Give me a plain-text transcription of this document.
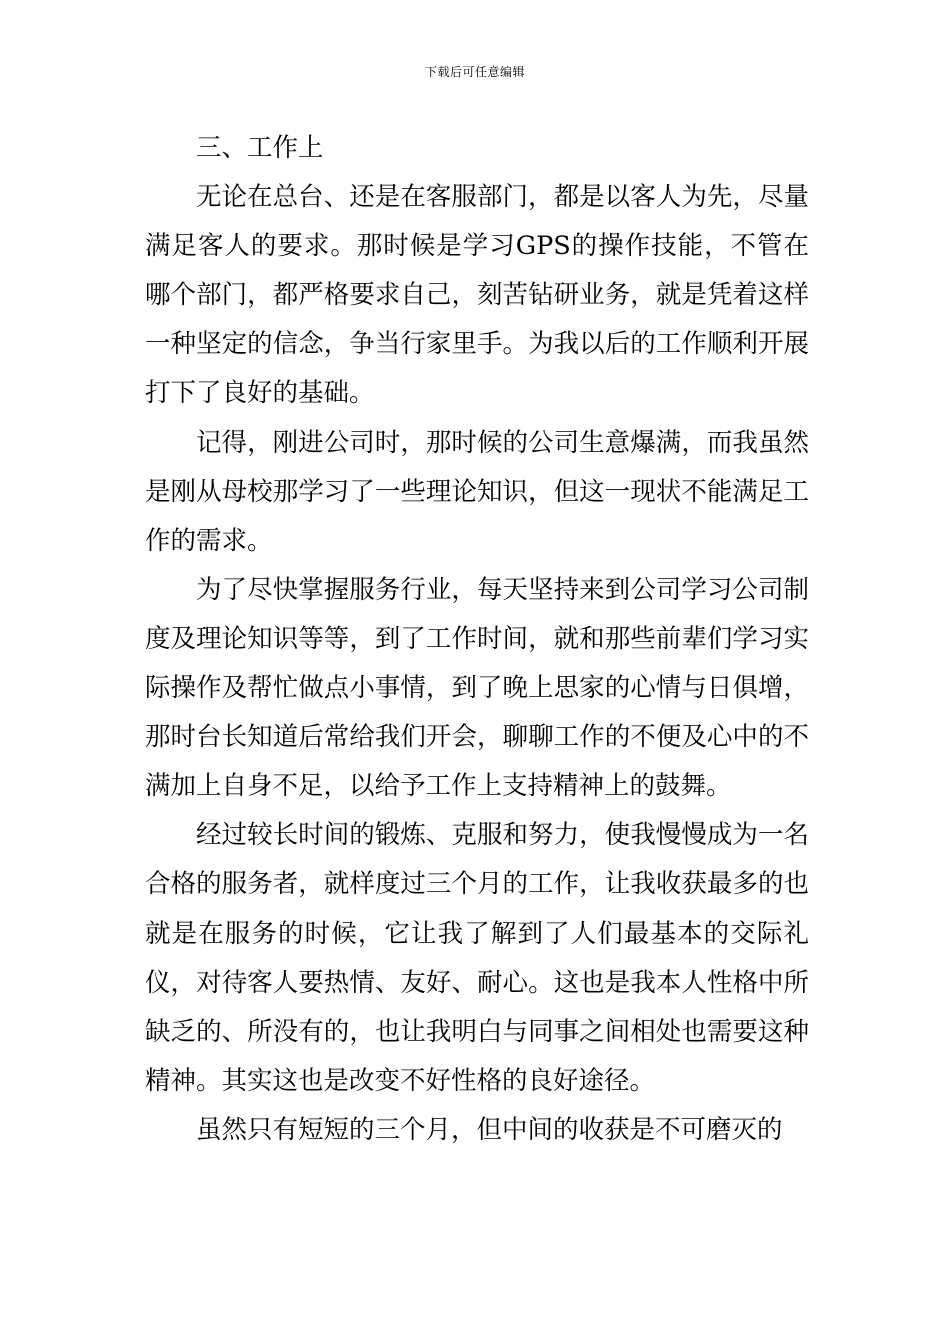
下载后可任意编辑

三、工作上

无论在总台、还是在客服部门，都是以客人为先，尽量满足客人的要求。那时候是学习GPS的操作技能，不管在哪个部门，都严格要求自己，刻苦钻研业务，就是凭着这样一种坚定的信念，争当行家里手。为我以后的工作顺利开展打下了良好的基础。

记得，刚进公司时，那时候的公司生意爆满，而我虽然是刚从母校那学习了一些理论知识，但这一现状不能满足工作的需求。

为了尽快掌握服务行业，每天坚持来到公司学习公司制度及理论知识等等，到了工作时间，就和那些前辈们学习实际操作及帮忙做点小事情，到了晚上思家的心情与日俱增，那时台长知道后常给我们开会，聊聊工作的不便及心中的不满加上自身不足，以给予工作上支持精神上的鼓舞。

经过较长时间的锻炼、克服和努力，使我慢慢成为一名合格的服务者，就样度过三个月的工作，让我收获最多的也就是在服务的时候，它让我了解到了人们最基本的交际礼仪，对待客人要热情、友好、耐心。这也是我本人性格中所缺乏的、所没有的，也让我明白与同事之间相处也需要这种精神。其实这也是改变不好性格的良好途径。

虽然只有短短的三个月，但中间的收获是不可磨灭的
